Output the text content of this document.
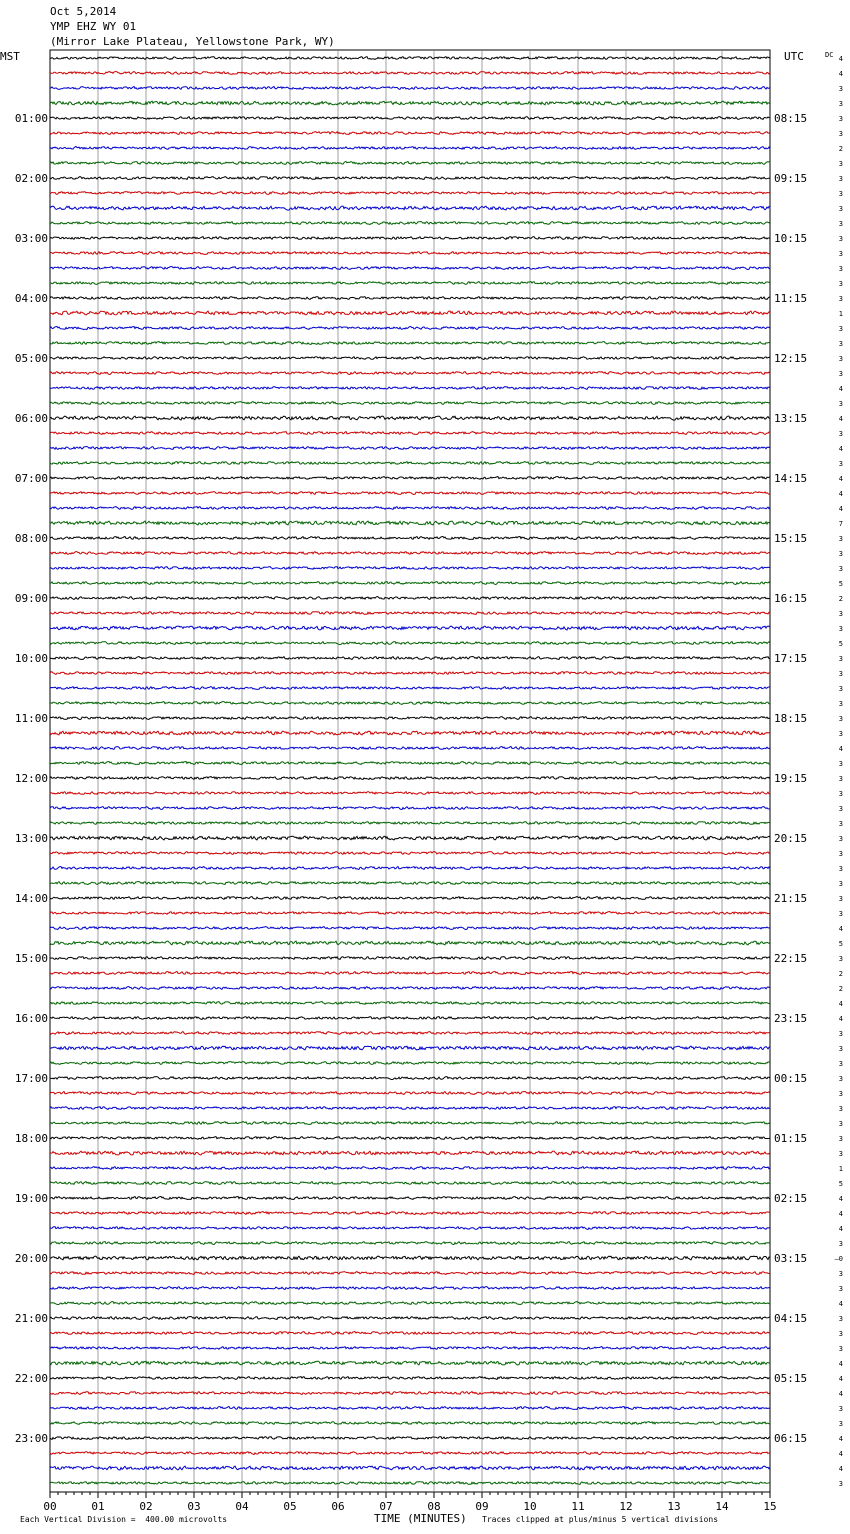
Oct 5,2014
YMP EHZ WY 01
(Mirror Lake Plateau, Yellowstone Park, WY)
MST	UTC	DC
01:00
02:00
03:00
04:00
05:00
06:00
07:00
08:00
09:00
10:00
11:00
12:00
13:00
14:00
15:00
16:00
17:00
18:00
19:00
20:00
21:00
22:00
23:00
08:15
09:15
10:15
11:15
12:15
13:15
14:15
15:15
16:15
17:15
18:15
19:15
20:15
21:15
22:15
23:15
00:15
01:15
02:15
03:15
04:15
05:15
06:15
4
4
3
3
3
3
2
3
3
3
3
3
3
3
3
3
3
1
3
3
3
3
4
3
4
3
4
3
4
4
4
7
3
3
3
5
2
3
3
5
3
3
3
3
3
3
4
3
3
3
3
3
3
3
3
3
3
3
4
5
3
2
2
4
4
3
3
3
3
3
3
3
3
3
1
5
4
4
4
3
–0
3
3
4
3
3
3
4
4
4
3
3
4
4
4
3
00	01	02	03	04	05	06	07	08	09	10	11	12	13	14	15
Each Vertical Division =  400.00 microvolts	TIME (MINUTES) Traces clipped at plus/minus 5 vertical divisions
